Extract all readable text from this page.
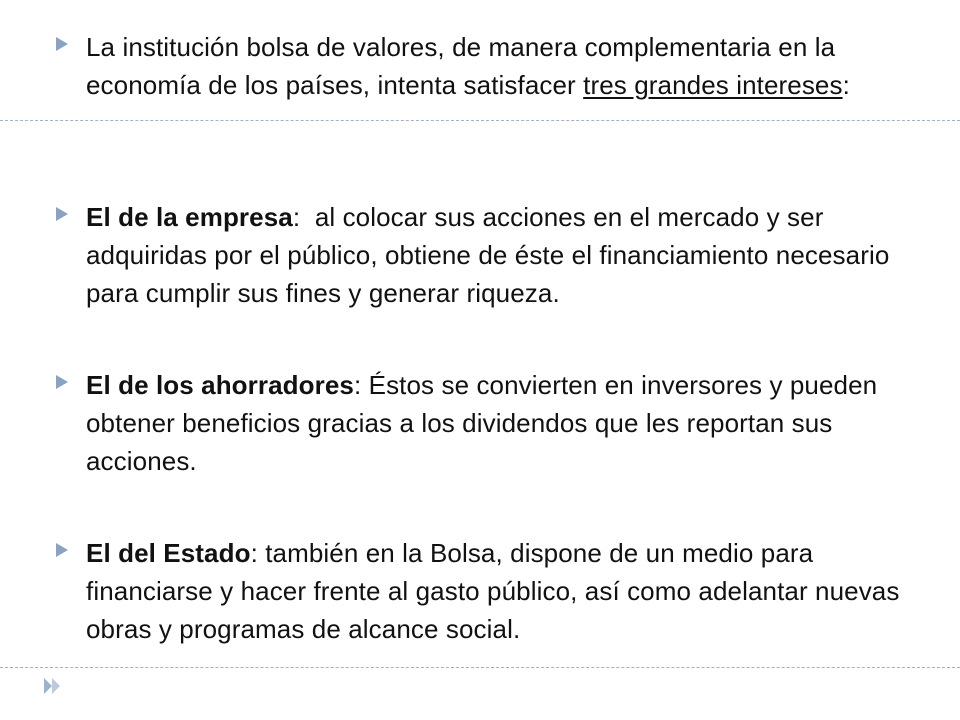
La institución bolsa de valores, de manera complementaria en la economía de los países, intenta satisfacer tres grandes intereses:
El de la empresa:  al colocar sus acciones en el mercado y ser adquiridas por el público, obtiene de éste el financiamiento necesario para cumplir sus fines y generar riqueza.
El de los ahorradores: Éstos se convierten en inversores y pueden obtener beneficios gracias a los dividendos que les reportan sus acciones.
El del Estado: también en la Bolsa, dispone de un medio para financiarse y hacer frente al gasto público, así como adelantar nuevas obras y programas de alcance social.
